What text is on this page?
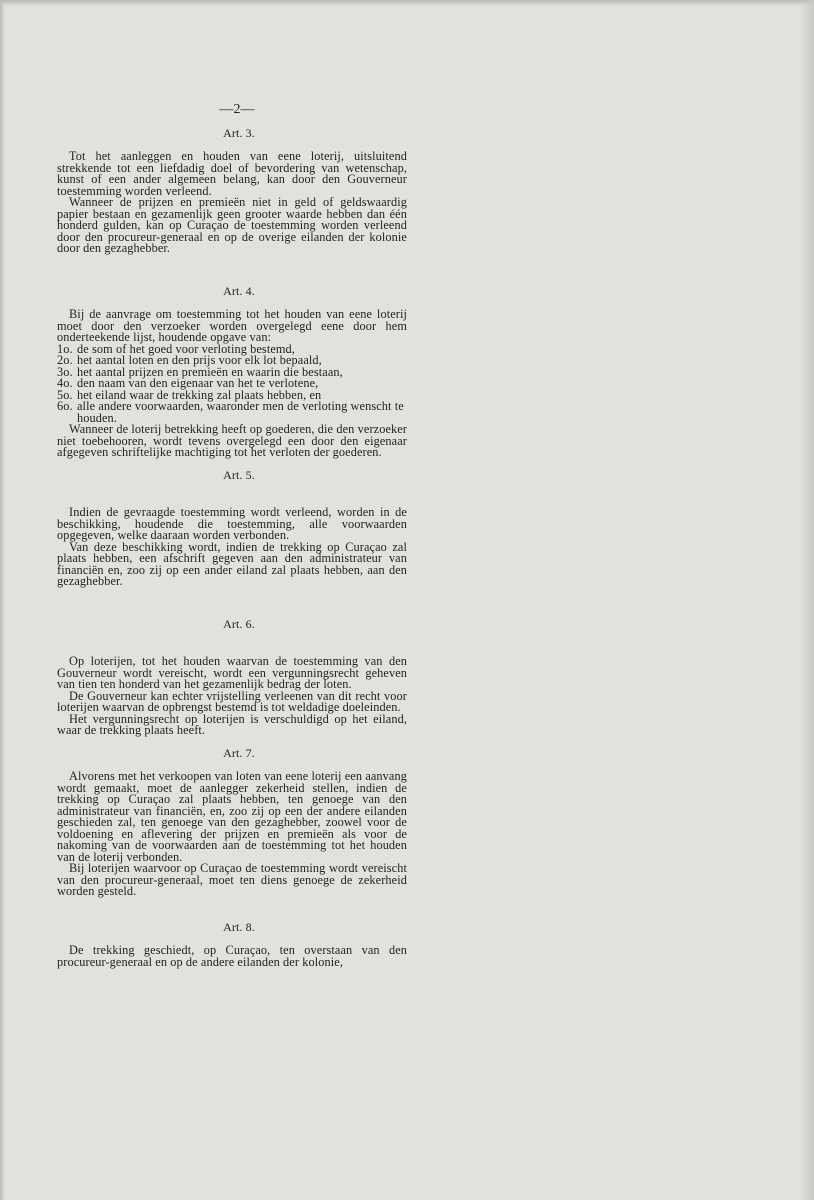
—2—
Art. 3.

Tot het aanleggen en houden van eene loterij, uitsluitend strekkende tot een liefdadig doel of bevordering van wetenschap, kunst of een ander algemeen belang, kan door den Gouverneur toestemming worden verleend.

Wanneer de prijzen en premieën niet in geld of geldswaardig papier bestaan en gezamenlijk geen grooter waarde hebben dan één honderd gulden, kan op Curaçao de toestemming worden verleend door den procureur-generaal en op de overige eilanden der kolonie door den gezaghebber.

Art. 4.

Bij de aanvrage om toestemming tot het houden van eene loterij moet door den verzoeker worden overgelegd eene door hem onderteekende lijst, houdende opgave van:

1o. de som of het goed voor verloting bestemd,
2o. het aantal loten en den prijs voor elk lot bepaald,
3o. het aantal prijzen en premieën en waarin die bestaan,
4o. den naam van den eigenaar van het te verlotene,
5o. het eiland waar de trekking zal plaats hebben, en
6o. alle andere voorwaarden, waaronder men de verloting wenscht te houden.

Wanneer de loterij betrekking heeft op goederen, die den verzoeker niet toebehooren, wordt tevens overgelegd een door den eigenaar afgegeven schriftelijke machtiging tot het verloten der goederen.

Art. 5.

Indien de gevraagde toestemming wordt verleend, worden in de beschikking, houdende die toestemming, alle voorwaarden opgegeven, welke daaraan worden verbonden.

Van deze beschikking wordt, indien de trekking op Curaçao zal plaats hebben, een afschrift gegeven aan den administrateur van financiën en, zoo zij op een ander eiland zal plaats hebben, aan den gezaghebber.

Art. 6.

Op loterijen, tot het houden waarvan de toestemming van den Gouverneur wordt vereischt, wordt een vergunningsrecht geheven van tien ten honderd van het gezamenlijk bedrag der loten.

De Gouverneur kan echter vrijstelling verleenen van dit recht voor loterijen waarvan de opbrengst bestemd is tot weldadige doeleinden.

Het vergunningsrecht op loterijen is verschuldigd op het eiland, waar de trekking plaats heeft.

Art. 7.

Alvorens met het verkoopen van loten van eene loterij een aanvang wordt gemaakt, moet de aanlegger zekerheid stellen, indien de trekking op Curaçao zal plaats hebben, ten genoege van den administrateur van financiën, en, zoo zij op een der andere eilanden geschieden zal, ten genoege van den gezaghebber, zoowel voor de voldoening en aflevering der prijzen en premieën als voor de nakoming van de voorwaarden aan de toestemming tot het houden van de loterij verbonden.

Bij loterijen waarvoor op Curaçao de toestemming wordt vereischt van den procureur-generaal, moet ten diens genoege de zekerheid worden gesteld.

Art. 8.

De trekking geschiedt, op Curaçao, ten overstaan van den procureur-generaal en op de andere eilanden der kolonie,
